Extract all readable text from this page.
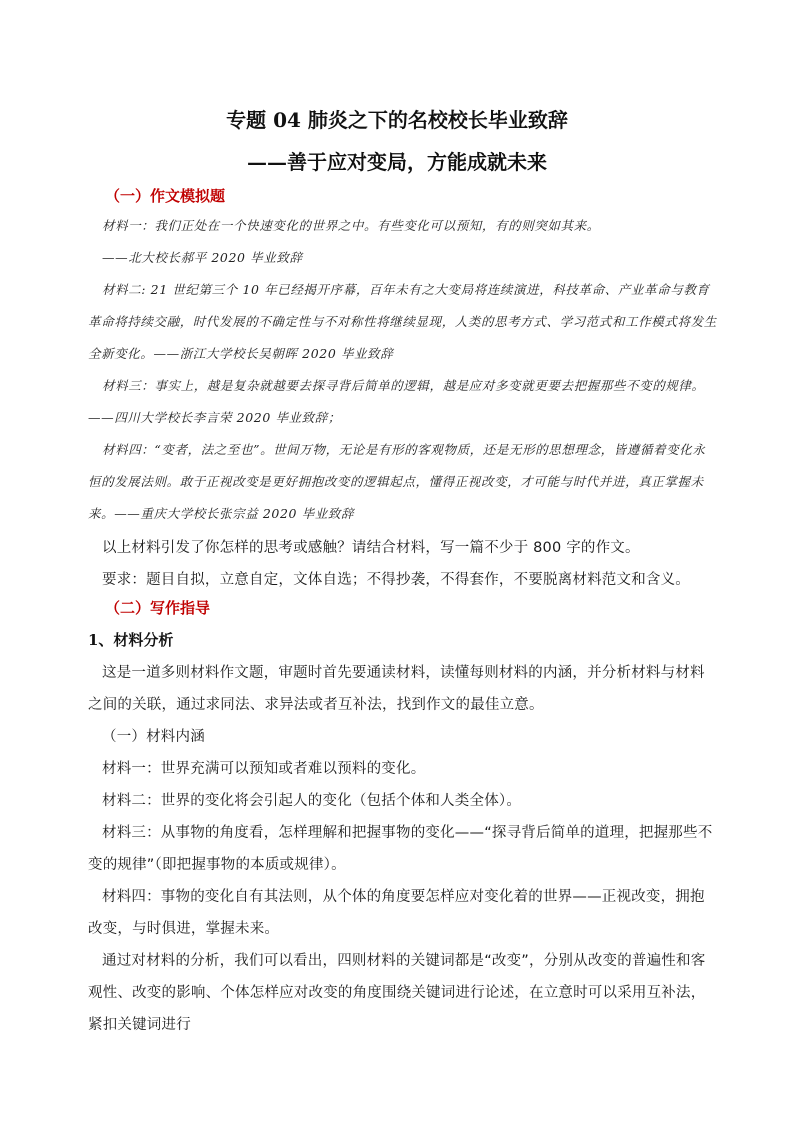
专题 04 肺炎之下的名校校长毕业致辞
——善于应对变局，方能成就未来
（一）作文模拟题
材料一：我们正处在一个快速变化的世界之中。有些变化可以预知，有的则突如其来。
——北大校长郝平 2020 毕业致辞
材料二: 21 世纪第三个 10 年已经揭开序幕，百年未有之大变局将连续演进，科技革命、产业革命与教育革命将持续交融，时代发展的不确定性与不对称性将继续显现，人类的思考方式、学习范式和工作模式将发生全新变化。——浙江大学校长吴朝晖 2020 毕业致辞
材料三：事实上，越是复杂就越要去探寻背后简单的逻辑，越是应对多变就更要去把握那些不变的规律。——四川大学校长李言荣 2020 毕业致辞；
材料四：“变者，法之至也”。世间万物，无论是有形的客观物质，还是无形的思想理念，皆遵循着变化永恒的发展法则。敢于正视改变是更好拥抱改变的逻辑起点，懂得正视改变，才可能与时代并进，真正掌握未来。——重庆大学校长张宗益 2020 毕业致辞
以上材料引发了你怎样的思考或感触？请结合材料，写一篇不少于 800 字的作文。
要求：题目自拟，立意自定，文体自选；不得抄袭，不得套作，不要脱离材料范文和含义。
（二）写作指导
1、材料分析
这是一道多则材料作文题，审题时首先要通读材料，读懂每则材料的内涵，并分析材料与材料之间的关联，通过求同法、求异法或者互补法，找到作文的最佳立意。
（一）材料内涵
材料一：世界充满可以预知或者难以预料的变化。
材料二：世界的变化将会引起人的变化（包括个体和人类全体）。
材料三：从事物的角度看，怎样理解和把握事物的变化——“探寻背后简单的道理，把握那些不变的规律”（即把握事物的本质或规律）。
材料四：事物的变化自有其法则，从个体的角度要怎样应对变化着的世界——正视改变，拥抱改变，与时俱进，掌握未来。
通过对材料的分析，我们可以看出，四则材料的关键词都是“改变”，分别从改变的普遍性和客观性、改变的影响、个体怎样应对改变的角度围绕关键词进行论述，在立意时可以采用互补法，紧扣关键词进行
